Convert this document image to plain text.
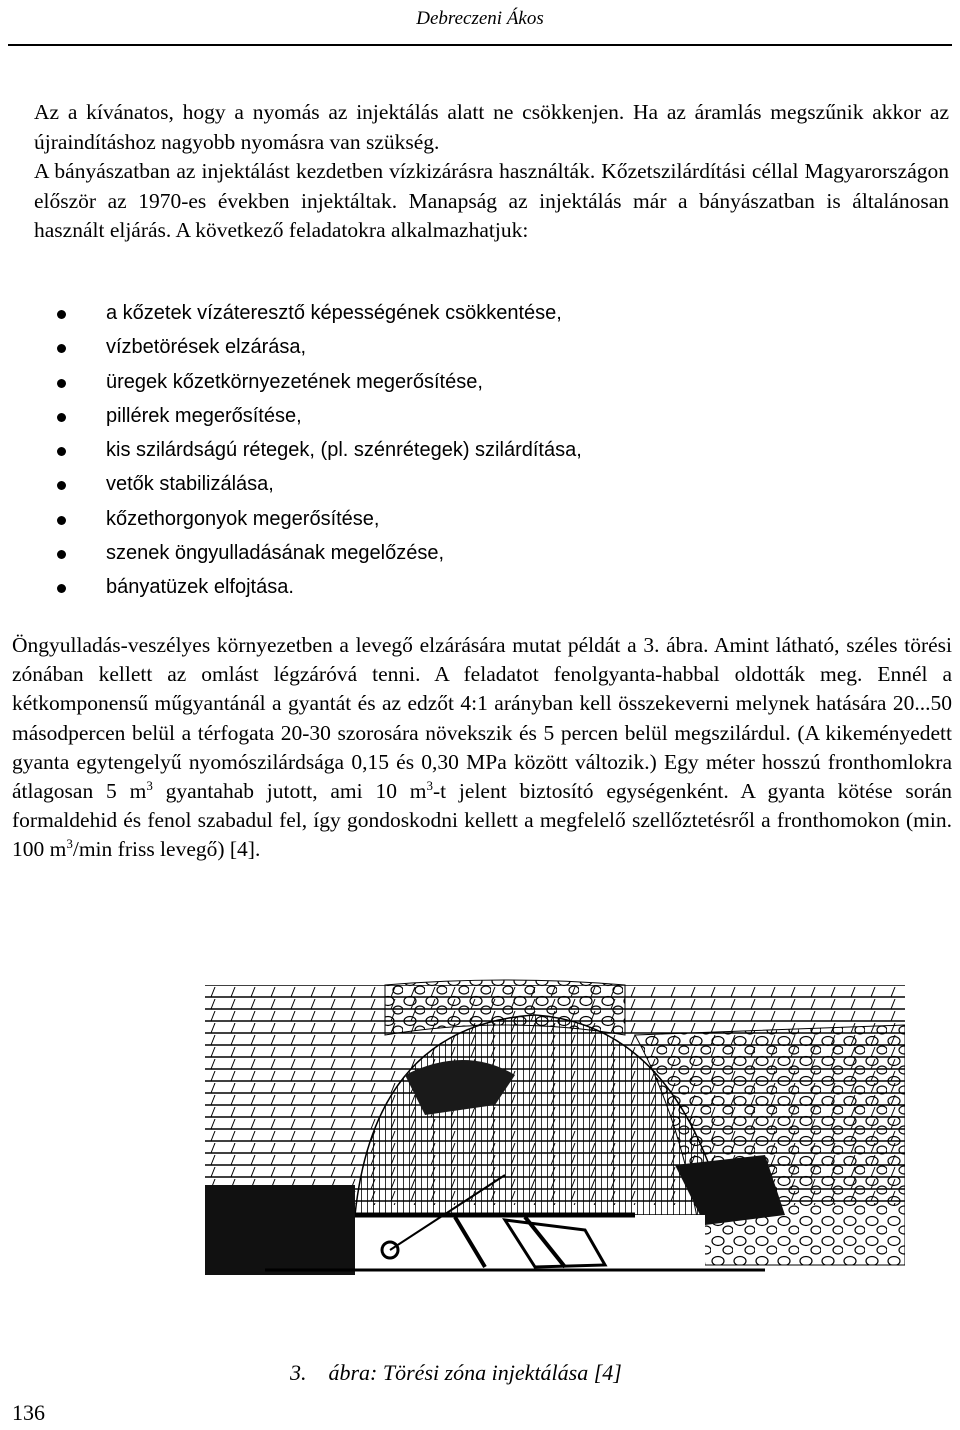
Debreczeni Ákos

Az a kívánatos, hogy a nyomás az injektálás alatt ne csökkenjen. Ha az áramlás megszűnik akkor az újraindításhoz nagyobb nyomásra van szükség.

A bányászatban az injektálást kezdetben vízkizárásra használták. Kőzetszilárdítási céllal Magyarországon először az 1970-es években injektáltak. Manapság az injektálás már a bányászatban is általánosan használt eljárás. A következő feladatokra alkalmazhatjuk:

a kőzetek vízáteresztő képességének csökkentése,
vízbetörések elzárása,
üregek kőzetkörnyezetének megerősítése,
pillérek megerősítése,
kis szilárdságú rétegek, (pl. szénrétegek) szilárdítása,
vetők stabilizálása,
kőzethorgonyok megerősítése,
szenek öngyulladásának megelőzése,
bányatüzek elfojtása.

Öngyulladás-veszélyes környezetben a levegő elzárására mutat példát a 3. ábra. Amint látható, széles törési zónában kellett az omlást légzáróvá tenni. A feladatot fenolgyanta-habbal oldották meg. Ennél a kétkomponensű műgyantánál a gyantát és az edzőt 4:1 arányban kell összekeverni melynek hatására 20...50 másodpercen belül a térfogata 20-30 szorosára növekszik és 5 percen belül megszilárdul. (A kikeményedett gyanta egytengelyű nyomószilárdsága 0,15 és 0,30 MPa között változik.) Egy méter hosszú fronthomlokra átlagosan 5 $m^3$ gyantahab jutott, ami 10 $m^3-t$ jelent biztosító egységenként. A gyanta kötése során formaldehid és fenol szabadul fel, így gondoskodni kellett a megfelelő szellőztetésről a fronthomokon (min. 100 $m^3/\min$ friss levegő) [4].

3. ábra: Törési zóna injektálása [4]
136
